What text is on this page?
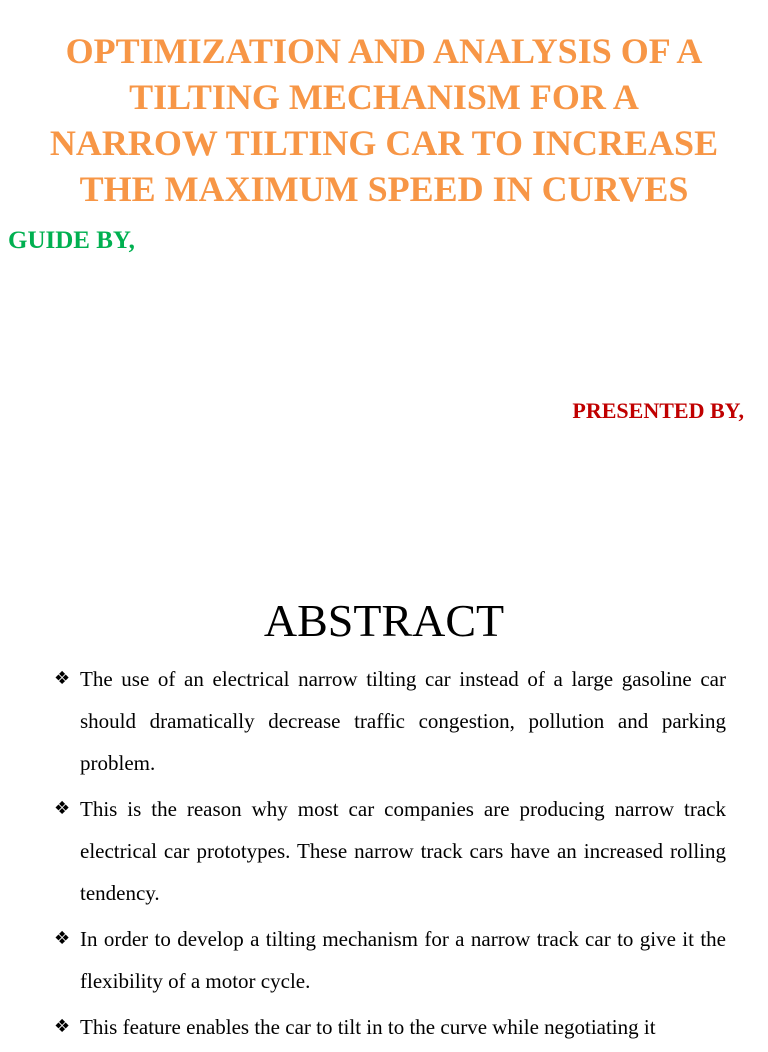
OPTIMIZATION AND ANALYSIS OF A
TILTING MECHANISM FOR A
NARROW TILTING CAR TO INCREASE
THE MAXIMUM SPEED IN CURVES
GUIDE BY,
PRESENTED BY,
ABSTRACT
❖ The use of an electrical narrow tilting car instead of a large gasoline car should dramatically decrease traffic congestion, pollution and parking problem.
❖ This is the reason why most car companies are producing narrow track electrical car prototypes. These narrow track cars have an increased rolling tendency.
❖ In order to develop a tilting mechanism for a narrow track car to give it the flexibility of a motor cycle.
❖ This feature enables the car to tilt in to the curve while negotiating it
